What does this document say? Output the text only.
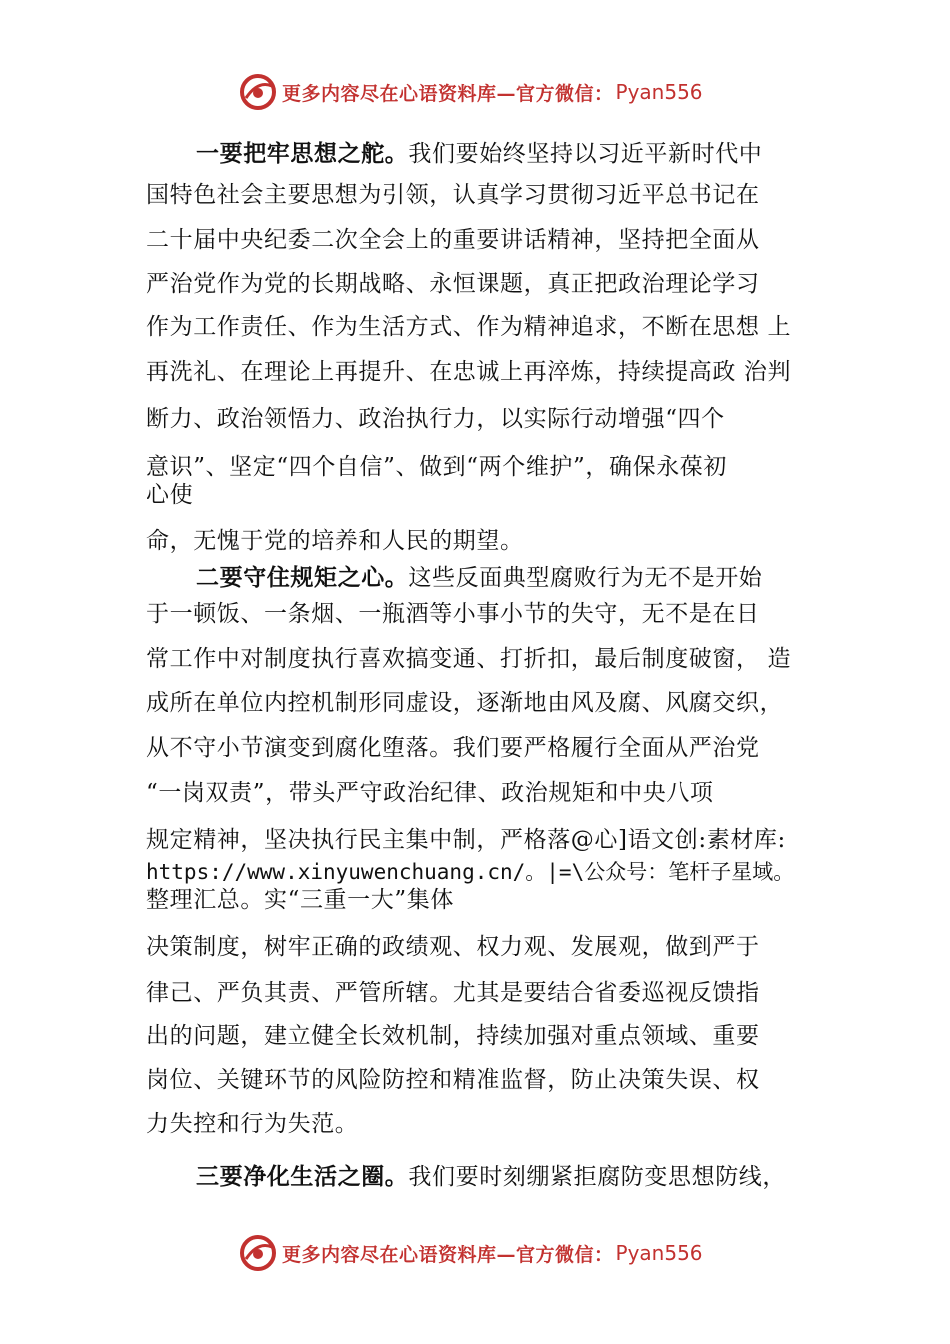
更多内容尽在心语资料库—官方微信： Pyan556
一要把牢思想之舵。我们要始终坚持以习近平新时代中
国特色社会主要思想为引领，认真学习贯彻习近平总书记在
二十届中央纪委二次全会上的重要讲话精神，坚持把全面从
严治党作为党的长期战略、永恒课题，真正把政治理论学习
作为工作责任、作为生活方式、作为精神追求，不断在思想 上
再洗礼、在理论上再提升、在忠诚上再淬炼，持续提高政 治判
断力、政治领悟力、政治执行力，以实际行动增强“四个
意识”、坚定“四个自信”、做到“两个维护”，确保永葆初
心使
命，无愧于党的培养和人民的期望。
二要守住规矩之心。这些反面典型腐败行为无不是开始
于一顿饭、一条烟、一瓶酒等小事小节的失守，无不是在日
常工作中对制度执行喜欢搞变通、打折扣，最后制度破窗， 造
成所在单位内控机制形同虚设，逐渐地由风及腐、风腐交织，
从不守小节演变到腐化堕落。我们要严格履行全面从严治党
“一岗双责”，带头严守政治纪律、政治规矩和中央八项
规定精神，坚决执行民主集中制，严格落@心]语文创:素材库:
https://www.xinyuwenchuang.cn/。|=\公众号：笔杆子星域。
整理汇总。实“三重一大”集体
决策制度，树牢正确的政绩观、权力观、发展观，做到严于
律己、严负其责、严管所辖。尤其是要结合省委巡视反馈指
出的问题，建立健全长效机制，持续加强对重点领域、重要
岗位、关键环节的风险防控和精准监督，防止决策失误、权
力失控和行为失范。
三要净化生活之圈。我们要时刻绷紧拒腐防变思想防线，
更多内容尽在心语资料库—官方微信： Pyan556
